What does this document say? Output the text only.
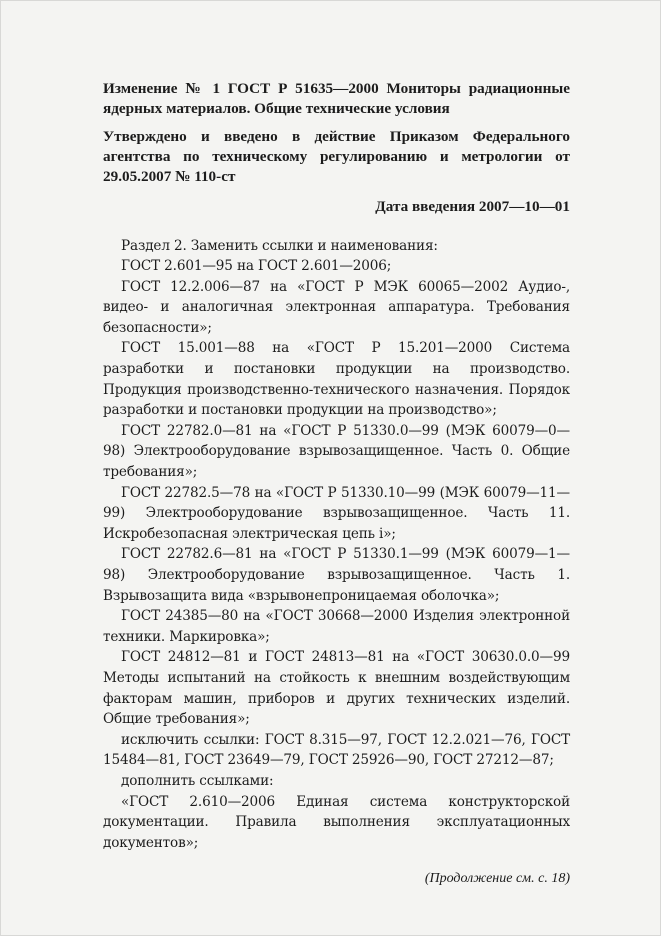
Изменение № 1 ГОСТ Р 51635—2000 Мониторы радиационные ядерных материалов. Общие технические условия
Утверждено и введено в действие Приказом Федерального агентства по техническому регулированию и метрологии от 29.05.2007 № 110-ст
Дата введения 2007—10—01

Раздел 2. Заменить ссылки и наименования:

ГОСТ 2.601—95 на ГОСТ 2.601—2006;

ГОСТ 12.2.006—87 на «ГОСТ Р МЭК 60065—2002 Аудио-, видео- и аналогичная электронная аппаратура. Требования безопасности»;

ГОСТ 15.001—88 на «ГОСТ Р 15.201—2000 Система разработки и постановки продукции на производство. Продукция производственно-технического назначения. Порядок разработки и постановки продукции на производство»;

ГОСТ 22782.0—81 на «ГОСТ Р 51330.0—99 (МЭК 60079—0—98) Электрооборудование взрывозащищенное. Часть 0. Общие требования»;

ГОСТ 22782.5—78 на «ГОСТ Р 51330.10—99 (МЭК 60079—11—99) Электрооборудование взрывозащищенное. Часть 11. Искробезопасная электрическая цепь i»;

ГОСТ 22782.6—81 на «ГОСТ Р 51330.1—99 (МЭК 60079—1—98) Электрооборудование взрывозащищенное. Часть 1. Взрывозащита вида «взрывонепроницаемая оболочка»;

ГОСТ 24385—80 на «ГОСТ 30668—2000 Изделия электронной техники. Маркировка»;

ГОСТ 24812—81 и ГОСТ 24813—81 на «ГОСТ 30630.0.0—99 Методы испытаний на стойкость к внешним воздействующим факторам машин, приборов и других технических изделий. Общие требования»;

исключить ссылки: ГОСТ 8.315—97, ГОСТ 12.2.021—76, ГОСТ 15484—81, ГОСТ 23649—79, ГОСТ 25926—90, ГОСТ 27212—87;

дополнить ссылками:

«ГОСТ 2.610—2006 Единая система конструкторской документации. Правила выполнения эксплуатационных документов»;

(Продолжение см. с. 18)
